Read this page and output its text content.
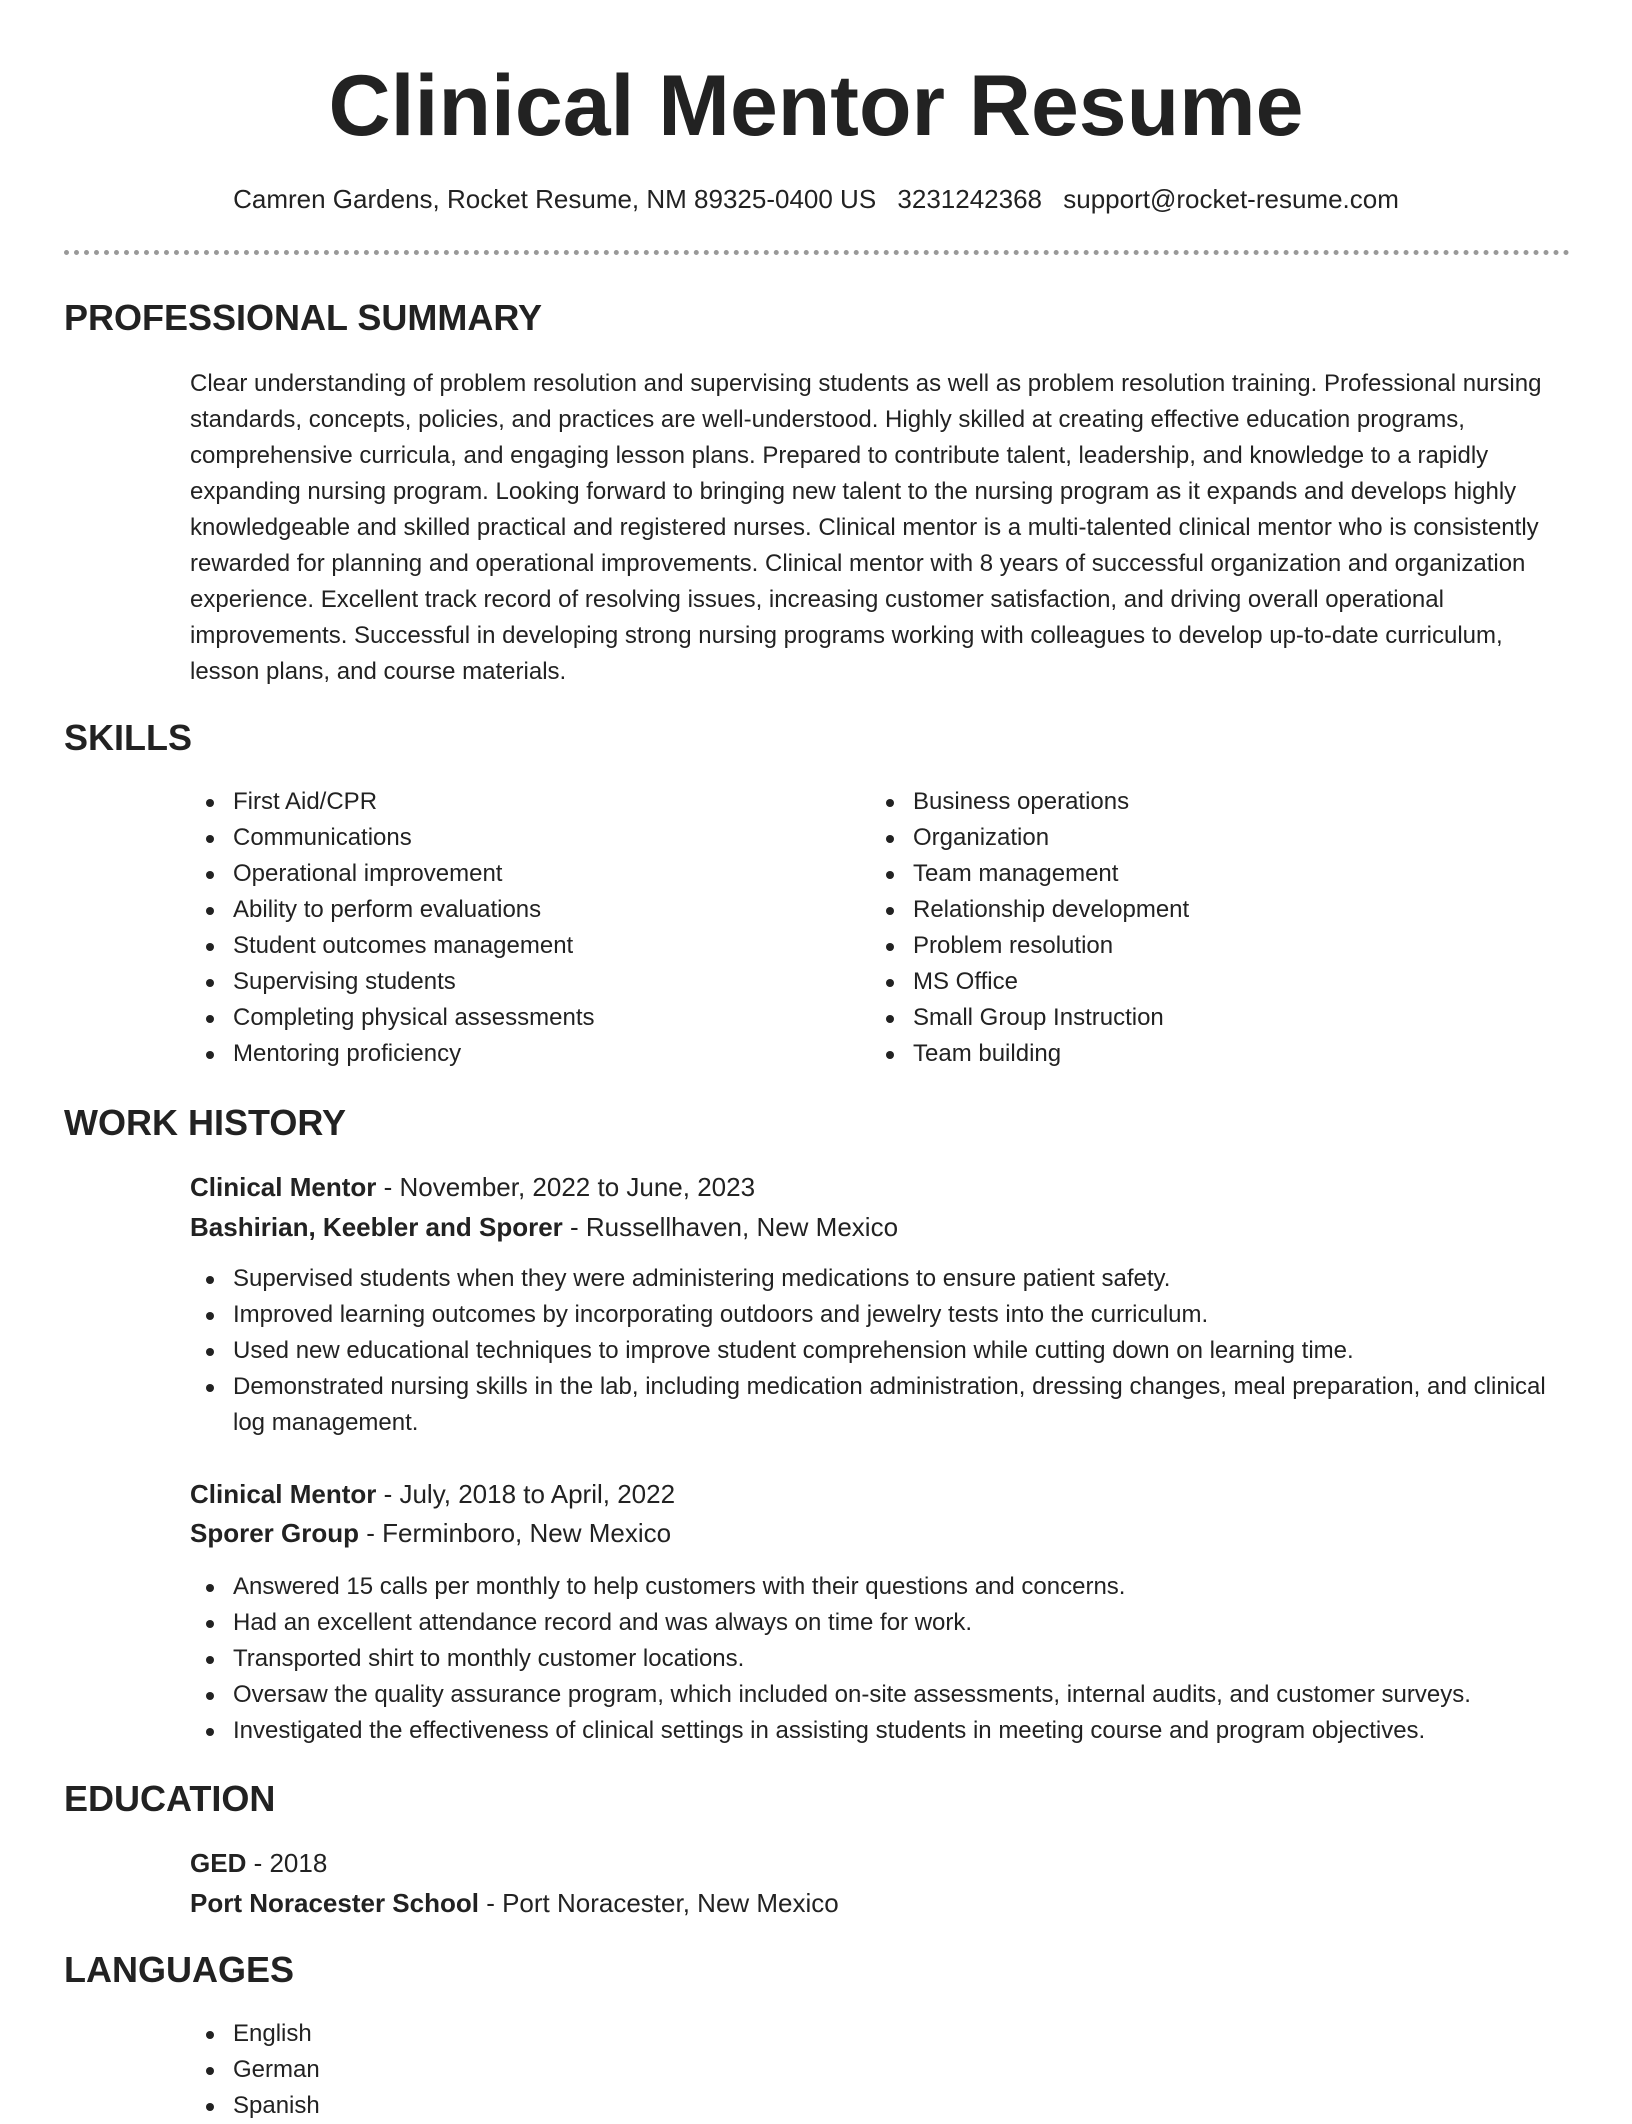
Clinical Mentor Resume
Camren Gardens, Rocket Resume, NM 89325-0400 US 3231242368 support@rocket-resume.com
PROFESSIONAL SUMMARY

Clear understanding of problem resolution and supervising students as well as problem resolution training. Professional nursing standards, concepts, policies, and practices are well-understood. Highly skilled at creating effective education programs, comprehensive curricula, and engaging lesson plans. Prepared to contribute talent, leadership, and knowledge to a rapidly expanding nursing program. Looking forward to bringing new talent to the nursing program as it expands and develops highly knowledgeable and skilled practical and registered nurses. Clinical mentor is a multi-talented clinical mentor who is consistently rewarded for planning and operational improvements. Clinical mentor with 8 years of successful organization and organization experience. Excellent track record of resolving issues, increasing customer satisfaction, and driving overall operational improvements. Successful in developing strong nursing programs working with colleagues to develop up-to-date curriculum, lesson plans, and course materials.

SKILLS
First Aid/CPR
Communications
Operational improvement
Ability to perform evaluations
Student outcomes management
Supervising students
Completing physical assessments
Mentoring proficiency
Business operations
Organization
Team management
Relationship development
Problem resolution
MS Office
Small Group Instruction
Team building
WORK HISTORY
Clinical Mentor - November, 2022 to June, 2023
Bashirian, Keebler and Sporer - Russellhaven, New Mexico
Supervised students when they were administering medications to ensure patient safety.
Improved learning outcomes by incorporating outdoors and jewelry tests into the curriculum.
Used new educational techniques to improve student comprehension while cutting down on learning time.
Demonstrated nursing skills in the lab, including medication administration, dressing changes, meal preparation, and clinical log management.
Clinical Mentor - July, 2018 to April, 2022
Sporer Group - Ferminboro, New Mexico
Answered 15 calls per monthly to help customers with their questions and concerns.
Had an excellent attendance record and was always on time for work.
Transported shirt to monthly customer locations.
Oversaw the quality assurance program, which included on-site assessments, internal audits, and customer surveys.
Investigated the effectiveness of clinical settings in assisting students in meeting course and program objectives.
EDUCATION
GED - 2018
Port Noracester School - Port Noracester, New Mexico
LANGUAGES
English
German
Spanish
